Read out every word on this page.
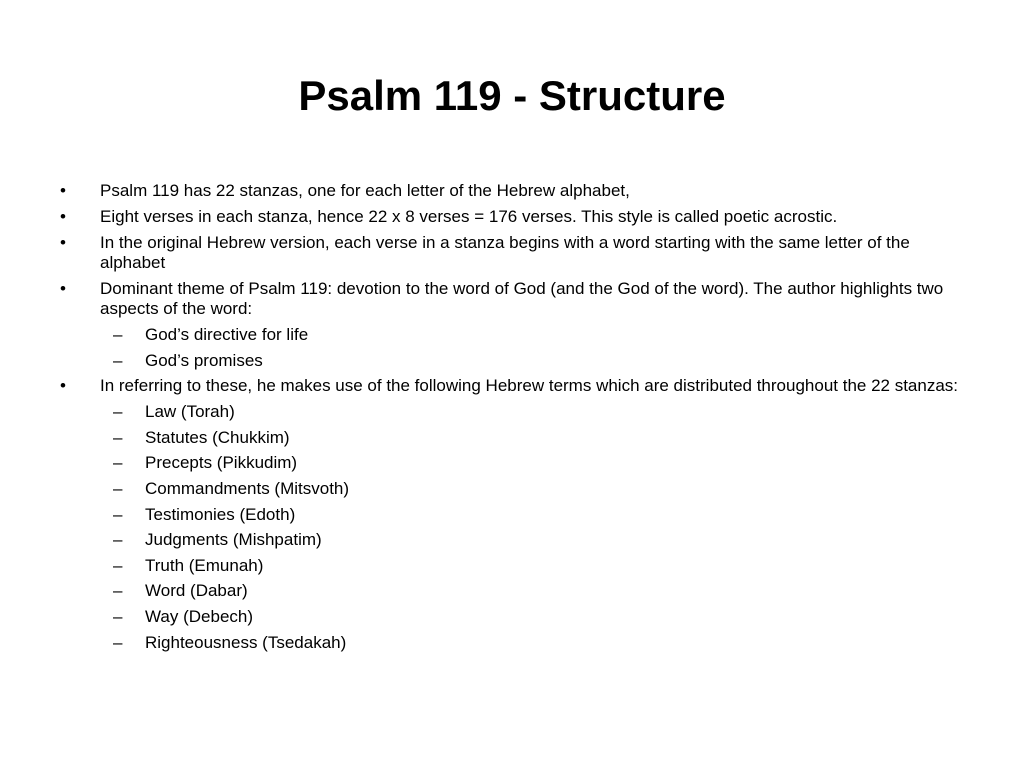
Psalm 119 - Structure
• Psalm 119 has 22 stanzas, one for each letter of the Hebrew alphabet,
• Eight verses in each stanza, hence 22 x 8 verses = 176 verses. This style is called poetic acrostic.
• In the original Hebrew version, each verse in a stanza begins with a word starting with the same letter of the alphabet
• Dominant theme of Psalm 119: devotion to the word of God (and the God of the word). The author highlights two aspects of the word:
– God’s directive for life
– God’s promises
• In referring to these, he makes use of the following Hebrew terms which are distributed throughout the 22 stanzas:
– Law (Torah)
– Statutes (Chukkim)
– Precepts (Pikkudim)
– Commandments (Mitsvoth)
– Testimonies (Edoth)
– Judgments (Mishpatim)
– Truth (Emunah)
– Word (Dabar)
– Way (Debech)
– Righteousness (Tsedakah)
